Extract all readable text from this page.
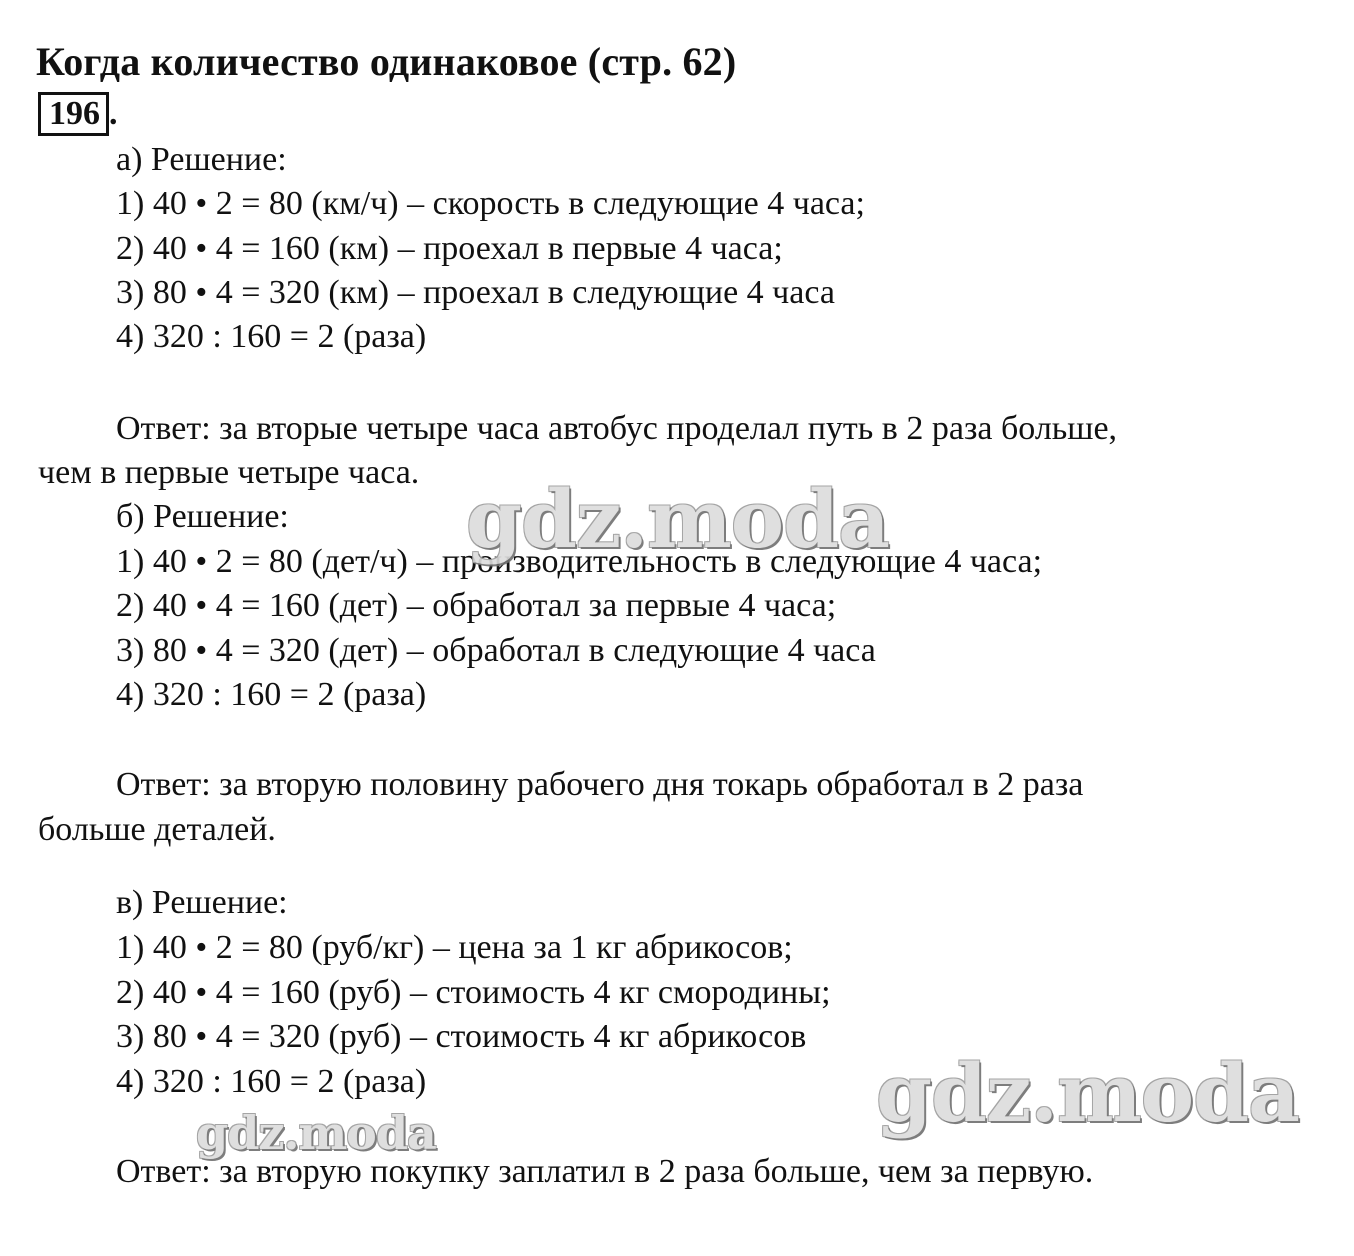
Когда количество одинаковое (стр. 62)
196 .
а) Решение:
1) 40 • 2 = 80 (км/ч) – скорость в следующие 4 часа;
2) 40 • 4 = 160 (км) – проехал в первые 4 часа;
3) 80 • 4 = 320 (км) – проехал в следующие 4 часа
4) 320 : 160 = 2 (раза)
Ответ: за вторые четыре часа автобус проделал путь в 2 раза больше,
чем в первые четыре часа.
б) Решение:
1) 40 • 2 = 80 (дет/ч) – производительность в следующие 4 часа;
2) 40 • 4 = 160 (дет) – обработал за первые 4 часа;
3) 80 • 4 = 320 (дет) – обработал в следующие 4 часа
4) 320 : 160 = 2 (раза)
Ответ: за вторую половину рабочего дня токарь обработал в 2 раза
больше деталей.
в) Решение:
1) 40 • 2 = 80 (руб/кг) – цена за 1 кг абрикосов;
2) 40 • 4 = 160 (руб) – стоимость 4 кг смородины;
3) 80 • 4 = 320 (руб) – стоимость 4 кг абрикосов
4) 320 : 160 = 2 (раза)
Ответ: за вторую покупку заплатил в 2 раза больше, чем за первую.
gdz.moda
gdz.moda
gdz.moda
